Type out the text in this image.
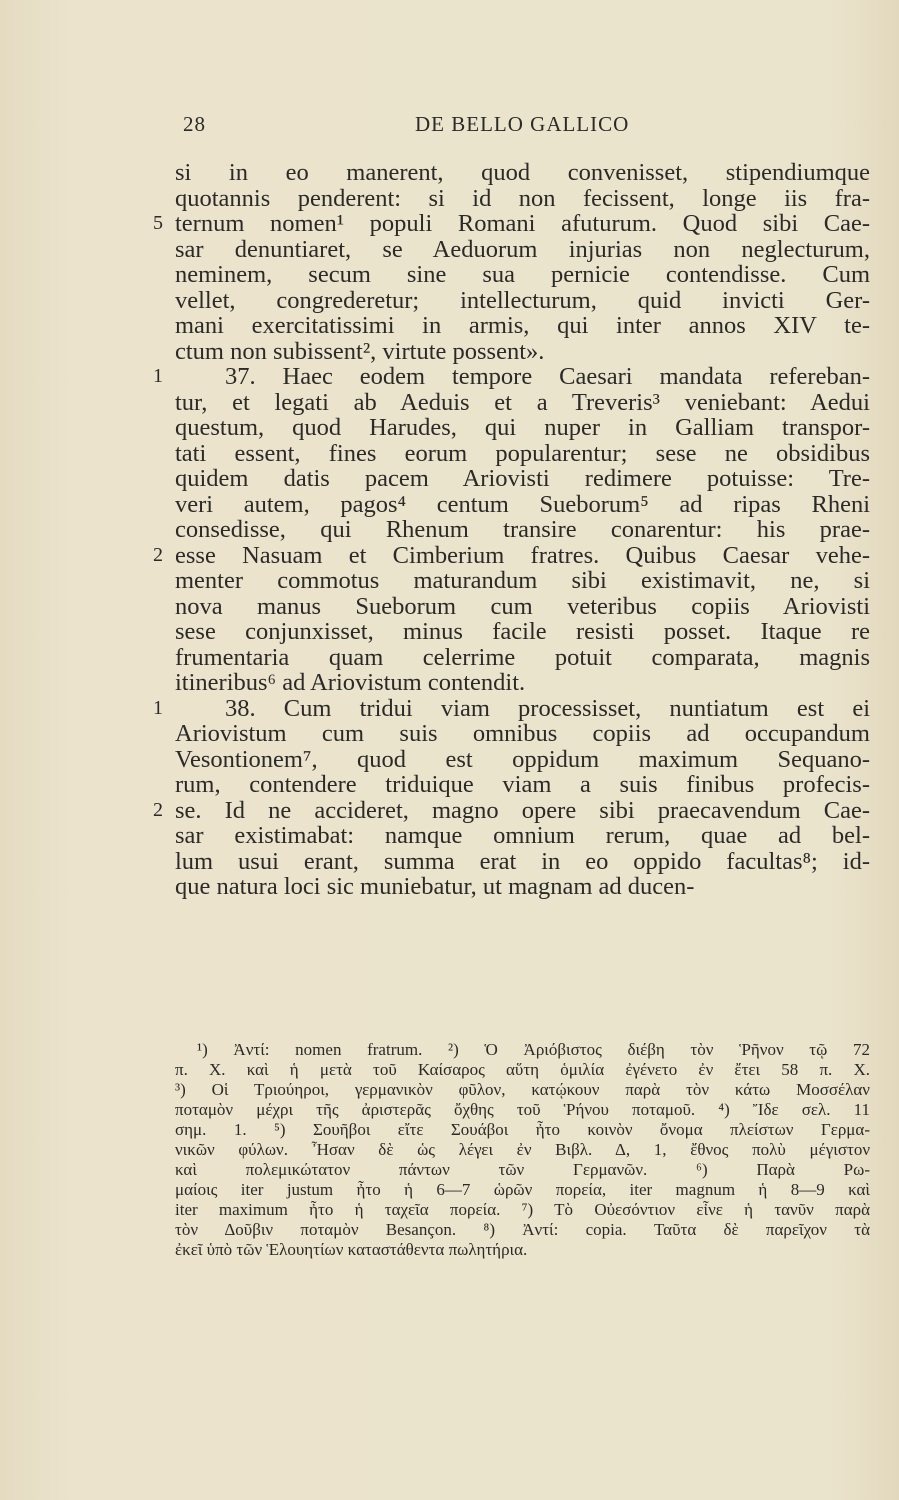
28	DE BELLO GALLICO
si in eo manerent, quod convenisset, stipendiumque
quotannis penderent: si id non fecissent, longe iis fra-
5 ternum nomen¹ populi Romani afuturum. Quod sibi Cae-
sar denuntiaret, se Aeduorum injurias non neglecturum,
neminem, secum sine sua pernicie contendisse. Cum
vellet, congrederetur; intellecturum, quid invicti Ger-
mani exercitatissimi in armis, qui inter annos XIV te-
ctum non subissent², virtute possent».
1	37. Haec eodem tempore Caesari mandata refereban-
tur, et legati ab Aeduis et a Treveris³ veniebant: Aedui
questum, quod Harudes, qui nuper in Galliam transpor-
tati essent, fines eorum popularentur; sese ne obsidibus
quidem datis pacem Ariovisti redimere potuisse: Tre-
veri autem, pagos⁴ centum Sueborum⁵ ad ripas Rheni
consedisse, qui Rhenum transire conarentur: his prae-
2 esse Nasuam et Cimberium fratres. Quibus Caesar vehe-
menter commotus maturandum sibi existimavit, ne, si
nova manus Sueborum cum veteribus copiis Ariovisti
sese conjunxisset, minus facile resisti posset. Itaque re
frumentaria quam celerrime potuit comparata, magnis
itineribus⁶ ad Ariovistum contendit.
1	38. Cum tridui viam processisset, nuntiatum est ei
Ariovistum cum suis omnibus copiis ad occupandum
Vesontionem⁷, quod est oppidum maximum Sequano-
rum, contendere triduique viam a suis finibus profecis-
2 se. Id ne accideret, magno opere sibi praecavendum Cae-
sar existimabat: namque omnium rerum, quae ad bel-
lum usui erant, summa erat in eo oppido facultas⁸; id-
que natura loci sic muniebatur, ut magnam ad ducen-
¹) Ἀντί: nomen fratrum. ²) Ὁ Ἀριόβιστος διέβη τὸν Ῥῆνον τῷ 72
π. Χ. καὶ ἡ μετὰ τοῦ Καίσαρος αὕτη ὁμιλία ἐγένετο ἐν ἔτει 58 π. Χ.
³) Οἱ Τριούηροι, γερμανικὸν φῦλον, κατῴκουν παρὰ τὸν κάτω Μοσσέλαν
ποταμὸν μέχρι τῆς ἀριστερᾶς ὄχθης τοῦ Ῥήνου ποταμοῦ. ⁴) Ἴδε σελ. 11
σημ. 1. ⁵) Σουῆβοι εἴτε Σουάβοι ἦτο κοινὸν ὄνομα πλείστων Γερμα-
νικῶν φύλων. Ἦσαν δὲ ὡς λέγει ἐν Βιβλ. Δ, 1, ἔθνος πολὺ μέγιστον
καὶ πολεμικώτατον πάντων τῶν Γερμανῶν. ⁶) Παρὰ Ρω-
μαίοις iter justum ἦτο ἡ 6—7 ὡρῶν πορεία, iter magnum ἡ 8—9 καὶ
iter maximum ἦτο ἡ ταχεῖα πορεία. ⁷) Τὸ Οὐεσόντιον εἶνε ἡ τανῦν παρὰ
τὸν Δοῦβιν ποταμὸν Besançon. ⁸) Ἀντί: copia. Ταῦτα δὲ παρεῖχον τὰ
ἐκεῖ ὑπὸ τῶν Ἑλουητίων καταστάθεντα πωλητήρια.
